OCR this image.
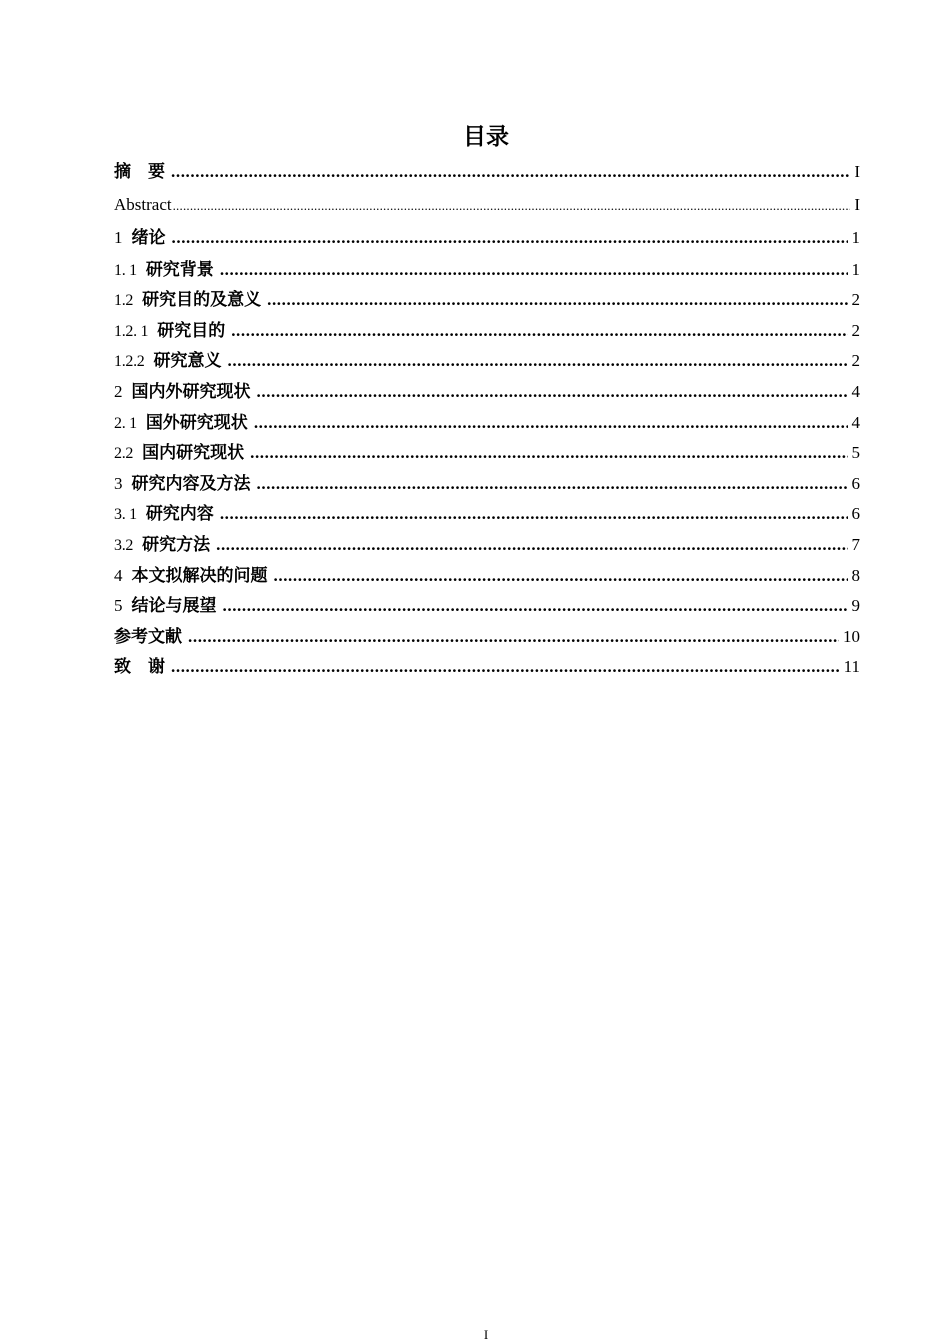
目录
摘　要 .....	I
Abstract .....	I
1 绪论 .....	1
1. 1 研究背景 .....	1
1.2 研究目的及意义 .....	2
1.2. 1 研究目的 .....	2
1.2.2 研究意义 .....	2
2 国内外研究现状 .....	4
2. 1 国外研究现状 .....	4
2.2 国内研究现状 .....	5
3 研究内容及方法 .....	6
3. 1 研究内容 .....	6
3.2 研究方法 .....	7
4 本文拟解决的问题 .....	8
5 结论与展望 .....	9
参考文献 .....	10
致　谢 .....	11
I
